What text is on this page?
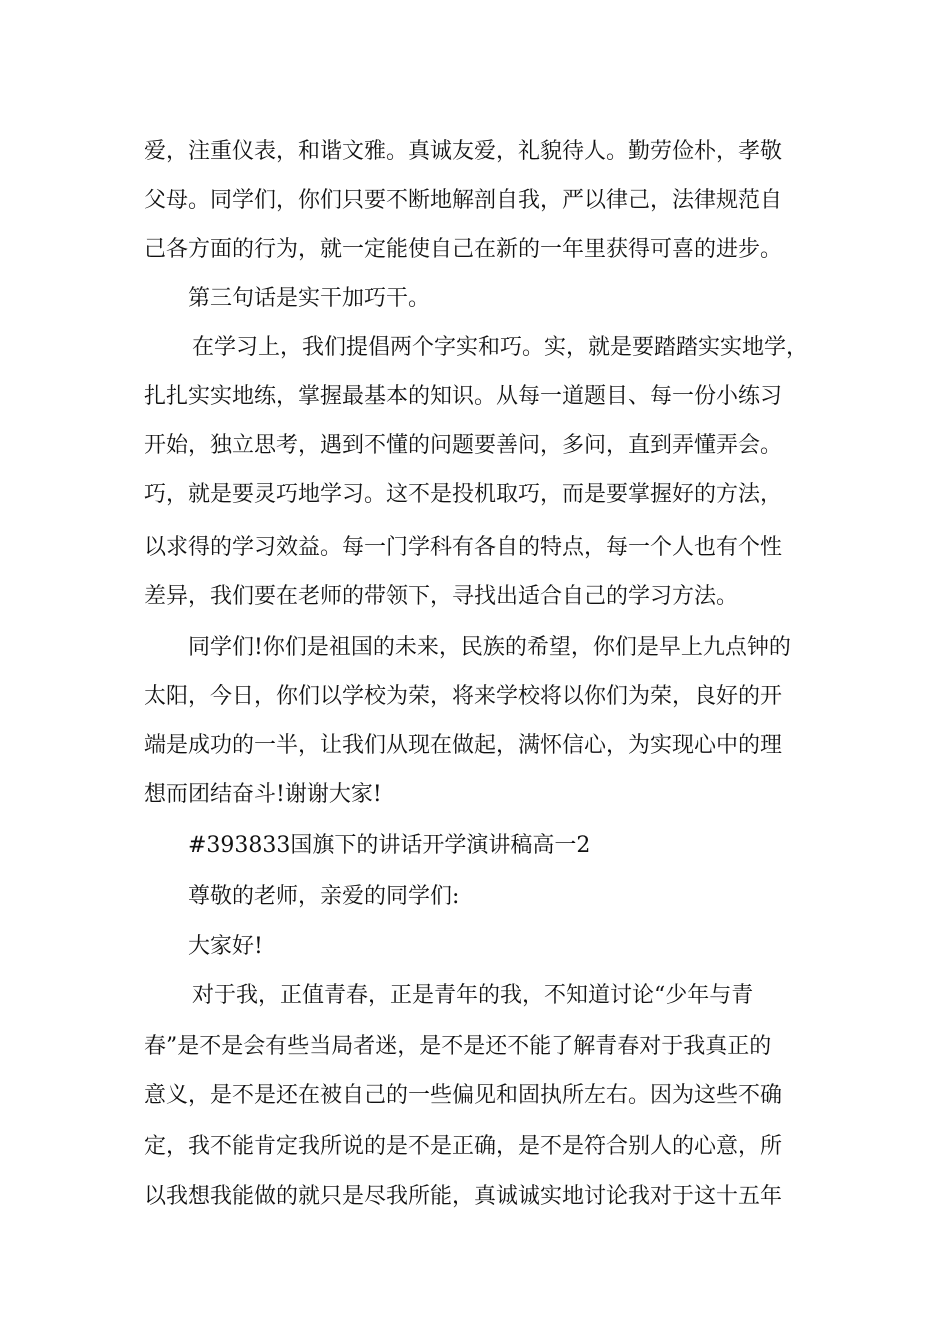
爱，注重仪表，和谐文雅。真诚友爱，礼貌待人。勤劳俭朴，孝敬
父母。同学们，你们只要不断地解剖自我，严以律己，法律规范自
己各方面的行为，就一定能使自己在新的一年里获得可喜的进步。
第三句话是实干加巧干。
在学习上，我们提倡两个字实和巧。实，就是要踏踏实实地学，
扎扎实实地练，掌握最基本的知识。从每一道题目、每一份小练习
开始，独立思考，遇到不懂的问题要善问，多问，直到弄懂弄会。
巧，就是要灵巧地学习。这不是投机取巧，而是要掌握好的方法，
以求得的学习效益。每一门学科有各自的特点，每一个人也有个性
差异，我们要在老师的带领下，寻找出适合自己的学习方法。
同学们!你们是祖国的未来，民族的希望，你们是早上九点钟的
太阳，今日，你们以学校为荣，将来学校将以你们为荣，良好的开
端是成功的一半，让我们从现在做起，满怀信心，为实现心中的理
想而团结奋斗!谢谢大家!
#393833国旗下的讲话开学演讲稿高一2
尊敬的老师，亲爱的同学们:
大家好!
对于我，正值青春，正是青年的我，不知道讨论“少年与青
春”是不是会有些当局者迷，是不是还不能了解青春对于我真正的
意义，是不是还在被自己的一些偏见和固执所左右。因为这些不确
定，我不能肯定我所说的是不是正确，是不是符合别人的心意，所
以我想我能做的就只是尽我所能，真诚诚实地讨论我对于这十五年
